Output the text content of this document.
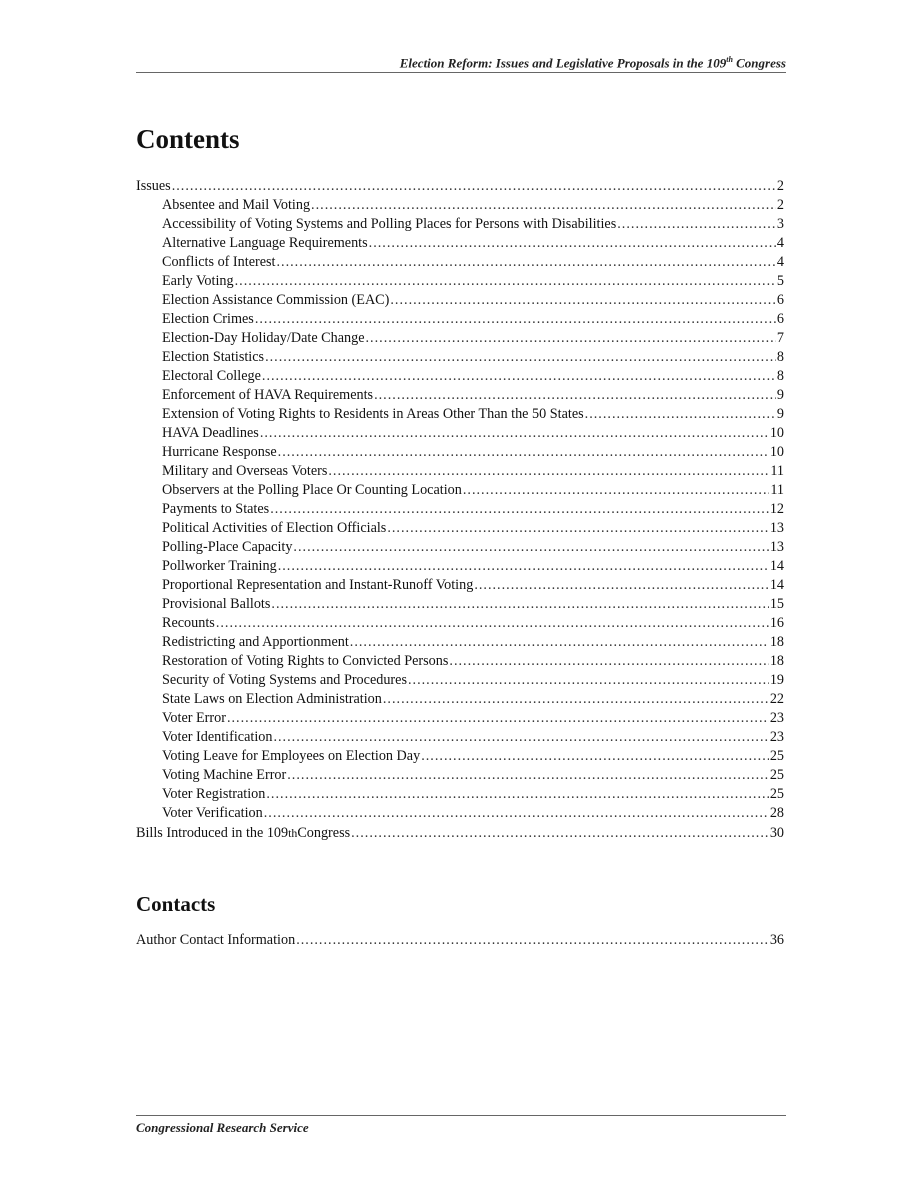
Election Reform: Issues and Legislative Proposals in the 109th Congress
Contents
Issues .....	2
Absentee and Mail Voting .....	2
Accessibility of Voting Systems and Polling Places for Persons with Disabilities .....	3
Alternative Language Requirements .....	4
Conflicts of Interest .....	4
Early Voting .....	5
Election Assistance Commission (EAC) .....	6
Election Crimes .....	6
Election-Day Holiday/Date Change .....	7
Election Statistics .....	8
Electoral College .....	8
Enforcement of HAVA Requirements .....	9
Extension of Voting Rights to Residents in Areas Other Than the 50 States .....	9
HAVA Deadlines .....	10
Hurricane Response .....	10
Military and Overseas Voters .....	11
Observers at the Polling Place Or Counting Location .....	11
Payments to States .....	12
Political Activities of Election Officials .....	13
Polling-Place Capacity .....	13
Pollworker Training .....	14
Proportional Representation and Instant-Runoff Voting .....	14
Provisional Ballots .....	15
Recounts .....	16
Redistricting and Apportionment .....	18
Restoration of Voting Rights to Convicted Persons .....	18
Security of Voting Systems and Procedures .....	19
State Laws on Election Administration .....	22
Voter Error .....	23
Voter Identification .....	23
Voting Leave for Employees on Election Day .....	25
Voting Machine Error .....	25
Voter Registration .....	25
Voter Verification .....	28
Bills Introduced in the 109 th Congress .....	30
Contacts
Author Contact Information .....	36
Congressional Research Service
